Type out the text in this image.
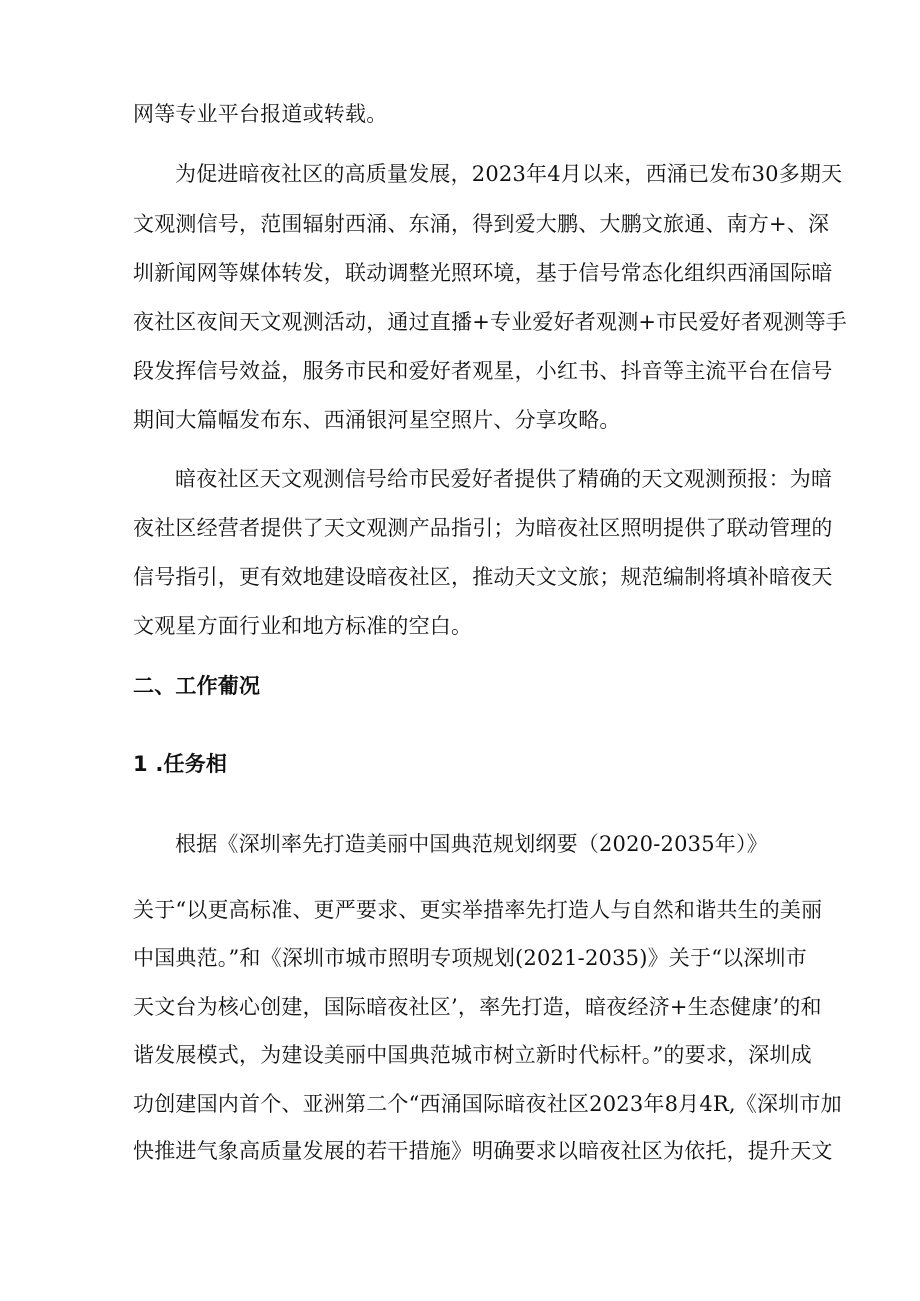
网等专业平台报道或转载。
为促进暗夜社区的高质量发展，2023年4月以来，西涌已发布30多期天
文观测信号，范围辐射西涌、东涌，得到爱大鹏、大鹏文旅通、南方+、深
圳新闻网等媒体转发，联动调整光照环境，基于信号常态化组织西涌国际暗
夜社区夜间天文观测活动，通过直播+专业爱好者观测+市民爱好者观测等手
段发挥信号效益，服务市民和爱好者观星，小红书、抖音等主流平台在信号
期间大篇幅发布东、西涌银河星空照片、分享攻略。
暗夜社区天文观测信号给市民爱好者提供了精确的天文观测预报：为暗
夜社区经营者提供了天文观测产品指引；为暗夜社区照明提供了联动管理的
信号指引，更有效地建设暗夜社区，推动天文文旅；规范编制将填补暗夜天
文观星方面行业和地方标准的空白。
二、工作葡况
1 .任务相
根据《深圳率先打造美丽中国典范规划纲要（2020-2035年）》
关于“以更高标准、更严要求、更实举措率先打造人与自然和谐共生的美丽
中国典范。”和《深圳市城市照明专项规划(2021-2035)》关于“以深圳市
天文台为核心创建，国际暗夜社区’，率先打造，暗夜经济+生态健康’的和
谐发展模式，为建设美丽中国典范城市树立新时代标杆。”的要求，深圳成
功创建国内首个、亚洲第二个“西涌国际暗夜社区2023年8月4R,《深圳市加
快推进气象高质量发展的若干措施》明确要求以暗夜社区为依托，提升天文
